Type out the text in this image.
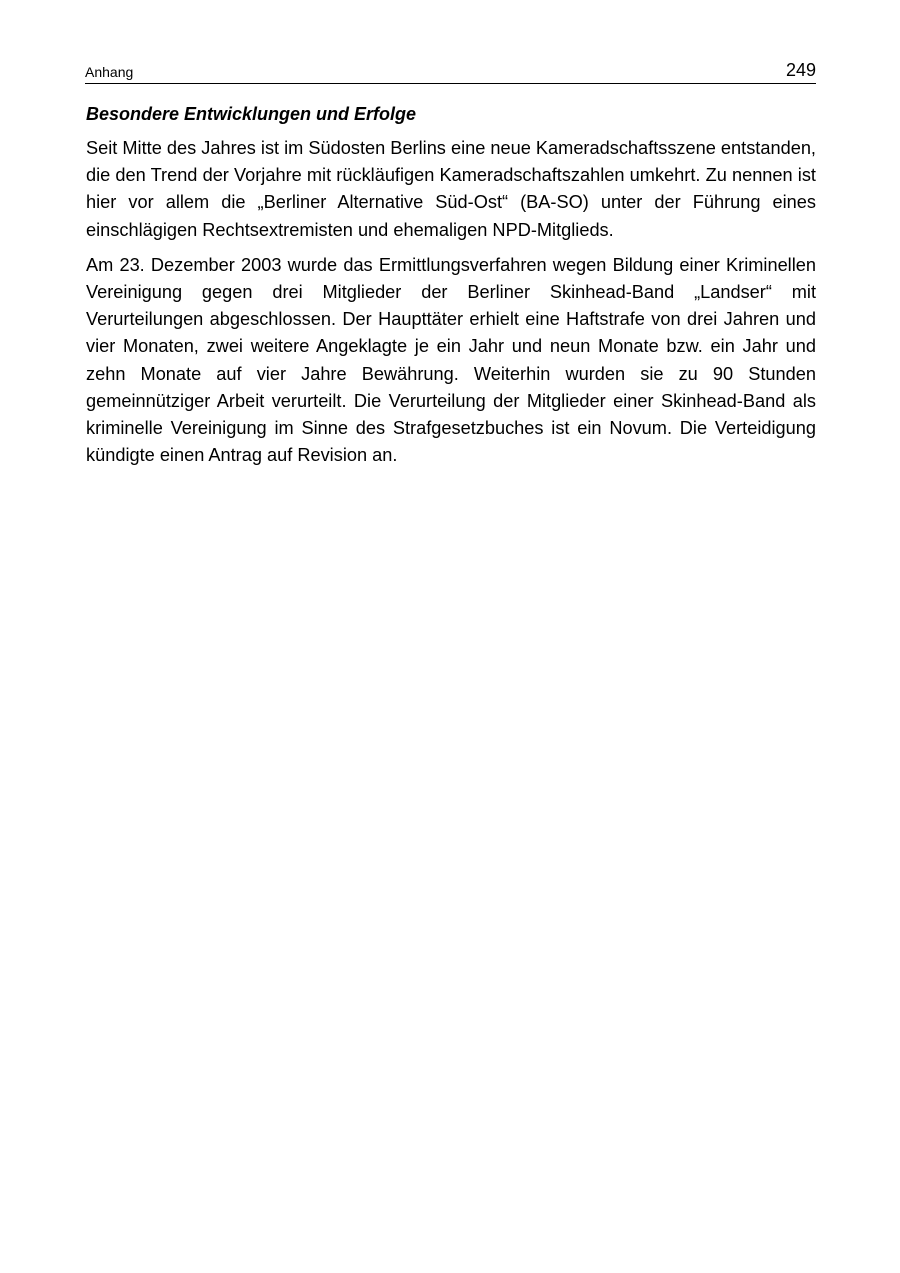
Anhang	249
Besondere Entwicklungen und Erfolge

Seit Mitte des Jahres ist im Südosten Berlins eine neue Kameradschaftsszene entstanden, die den Trend der Vorjahre mit rückläufigen Kameradschaftszahlen umkehrt. Zu nennen ist hier vor allem die „Berliner Alternative Süd-Ost“ (BA-SO) unter der Führung eines einschlägigen Rechtsextremisten und ehemaligen NPD-Mitglieds.

Am 23. Dezember 2003 wurde das Ermittlungsverfahren wegen Bildung einer Kriminellen Vereinigung gegen drei Mitglieder der Berliner Skinhead-Band „Landser“ mit Verurteilungen abgeschlossen. Der Haupttäter erhielt eine Haftstrafe von drei Jahren und vier Monaten, zwei weitere Angeklagte je ein Jahr und neun Monate bzw. ein Jahr und zehn Monate auf vier Jahre Bewährung. Weiterhin wurden sie zu 90 Stunden gemeinnütziger Arbeit verurteilt. Die Verurteilung der Mitglieder einer Skinhead-Band als kriminelle Vereinigung im Sinne des Strafgesetzbuches ist ein Novum. Die Verteidigung kündigte einen Antrag auf Revision an.
